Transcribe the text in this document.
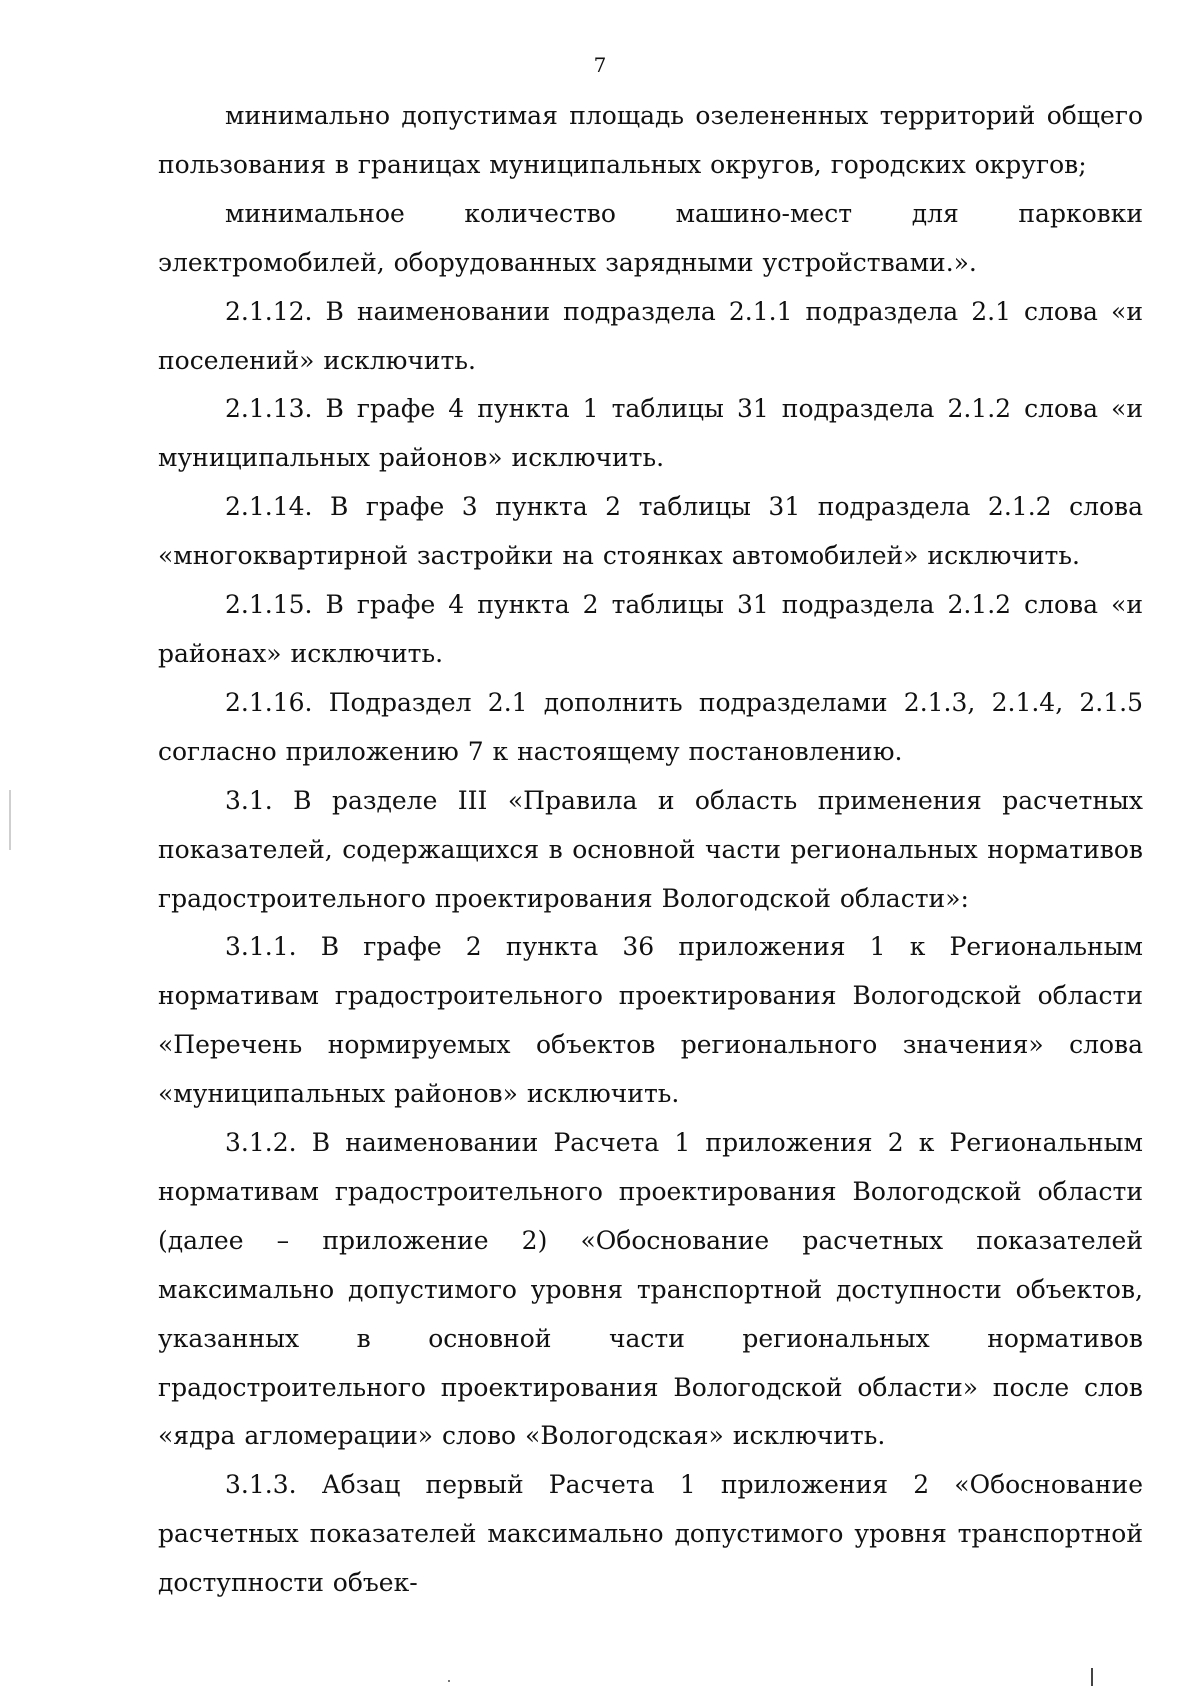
7

минимально допустимая площадь озелененных территорий общего пользования в границах муниципальных округов, городских округов;

минимальное количество машино-мест для парковки электромобилей, оборудованных зарядными устройствами.».

2.1.12. В наименовании подраздела 2.1.1 подраздела 2.1 слова «и поселений» исключить.

2.1.13. В графе 4 пункта 1 таблицы 31 подраздела 2.1.2 слова «и муниципальных районов» исключить.

2.1.14. В графе 3 пункта 2 таблицы 31 подраздела 2.1.2 слова «многоквартирной застройки на стоянках автомобилей» исключить.

2.1.15. В графе 4 пункта 2 таблицы 31 подраздела 2.1.2 слова «и районах» исключить.

2.1.16. Подраздел 2.1 дополнить подразделами 2.1.3, 2.1.4, 2.1.5 согласно приложению 7 к настоящему постановлению.

3.1. В разделе III «Правила и область применения расчетных показателей, содержащихся в основной части региональных нормативов градостроительного проектирования Вологодской области»:

3.1.1. В графе 2 пункта 36 приложения 1 к Региональным нормативам градостроительного проектирования Вологодской области «Перечень нормируемых объектов регионального значения» слова «муниципальных районов» исключить.

3.1.2. В наименовании Расчета 1 приложения 2 к Региональным нормативам градостроительного проектирования Вологодской области (далее – приложение 2) «Обоснование расчетных показателей максимально допустимого уровня транспортной доступности объектов, указанных в основной части региональных нормативов градостроительного проектирования Вологодской области» после слов «ядра агломерации» слово «Вологодская» исключить.

3.1.3. Абзац первый Расчета 1 приложения 2 «Обоснование расчетных показателей максимально допустимого уровня транспортной доступности объек-
